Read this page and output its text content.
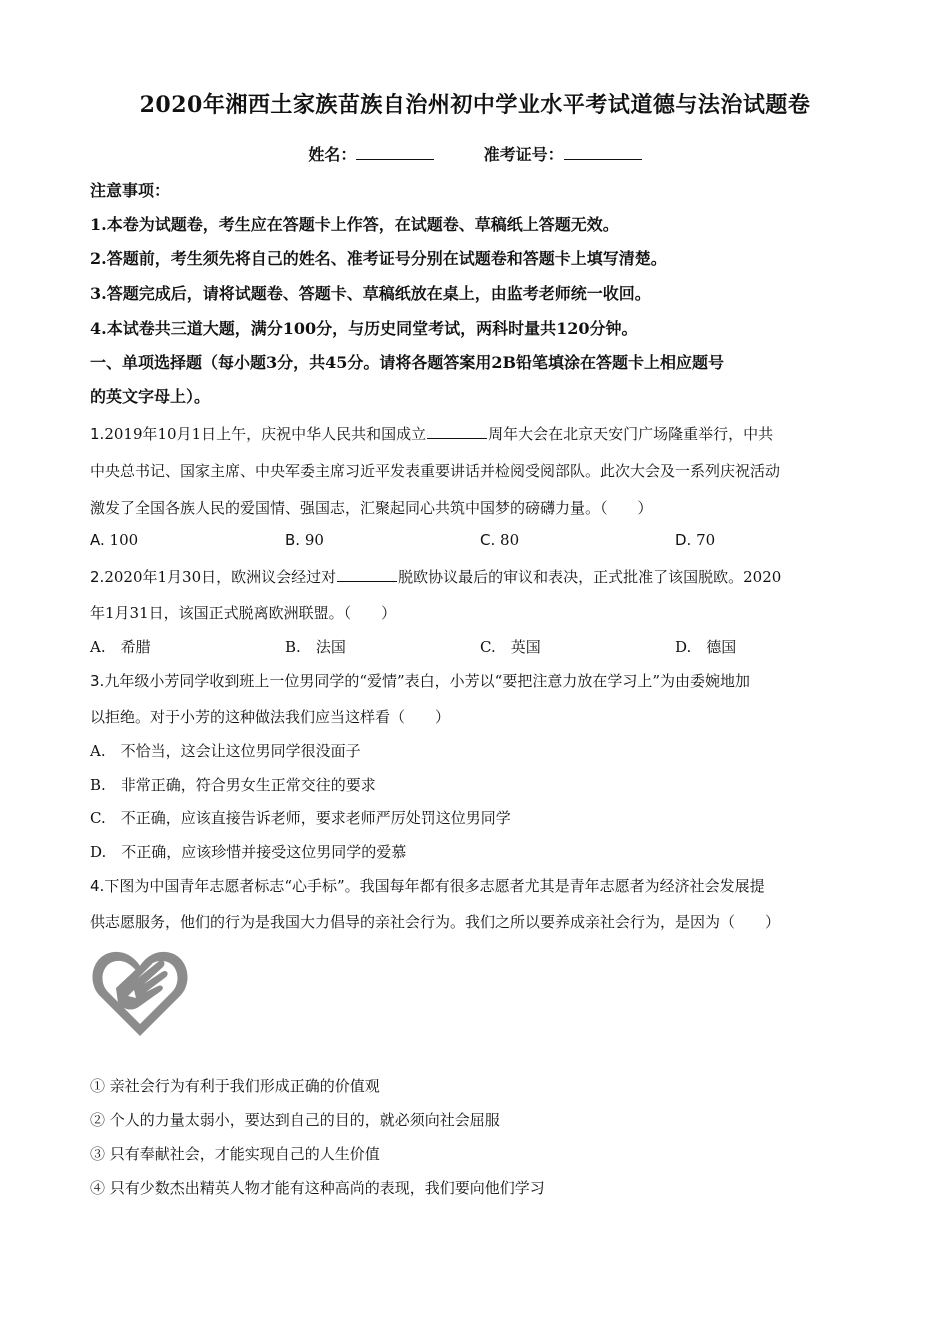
2020年湘西土家族苗族自治州初中学业水平考试道德与法治试题卷
姓名：	准考证号：
注意事项：
1.本卷为试题卷，考生应在答题卡上作答，在试题卷、草稿纸上答题无效。
2.答题前，考生须先将自己的姓名、准考证号分别在试题卷和答题卡上填写清楚。
3.答题完成后，请将试题卷、答题卡、草稿纸放在桌上，由监考老师统一收回。
4.本试卷共三道大题，满分100分，与历史同堂考试，两科时量共120分钟。
一、单项选择题（每小题3分，共45分。请将各题答案用2B铅笔填涂在答题卡上相应题号
的英文字母上）。
1.2019年10月1日上午，庆祝中华人民共和国成立	周年大会在北京天安门广场隆重举行，中共
中央总书记、国家主席、中央军委主席习近平发表重要讲话并检阅受阅部队。此次大会及一系列庆祝活动
激发了全国各族人民的爱国情、强国志，汇聚起同心共筑中国梦的磅礴力量。（　　）
A. 100	B. 90	C. 80	D. 70
2.2020年1月30日，欧洲议会经过对	脱欧协议最后的审议和表决，正式批准了该国脱欧。2020
年1月31日，该国正式脱离欧洲联盟。（　　）
A.　 希腊	B.　 法国	C.　 英国	D.　 德国
3.九年级小芳同学收到班上一位男同学的“爱情”表白，小芳以“要把注意力放在学习上”为由委婉地加
以拒绝。对于小芳的这种做法我们应当这样看（　　）
A.　不恰当，这会让这位男同学很没面子
B.　非常正确，符合男女生正常交往的要求
C.　不正确，应该直接告诉老师，要求老师严厉处罚这位男同学
D.　不正确，应该珍惜并接受这位男同学的爱慕
4.下图为中国青年志愿者标志“心手标”。我国每年都有很多志愿者尤其是青年志愿者为经济社会发展提
供志愿服务，他们的行为是我国大力倡导的亲社会行为。我们之所以要养成亲社会行为，是因为（　　）
① 亲社会行为有利于我们形成正确的价值观
② 个人的力量太弱小，要达到自己的目的，就必须向社会屈服
③ 只有奉献社会，才能实现自己的人生价值
④ 只有少数杰出精英人物才能有这种高尚的表现，我们要向他们学习
